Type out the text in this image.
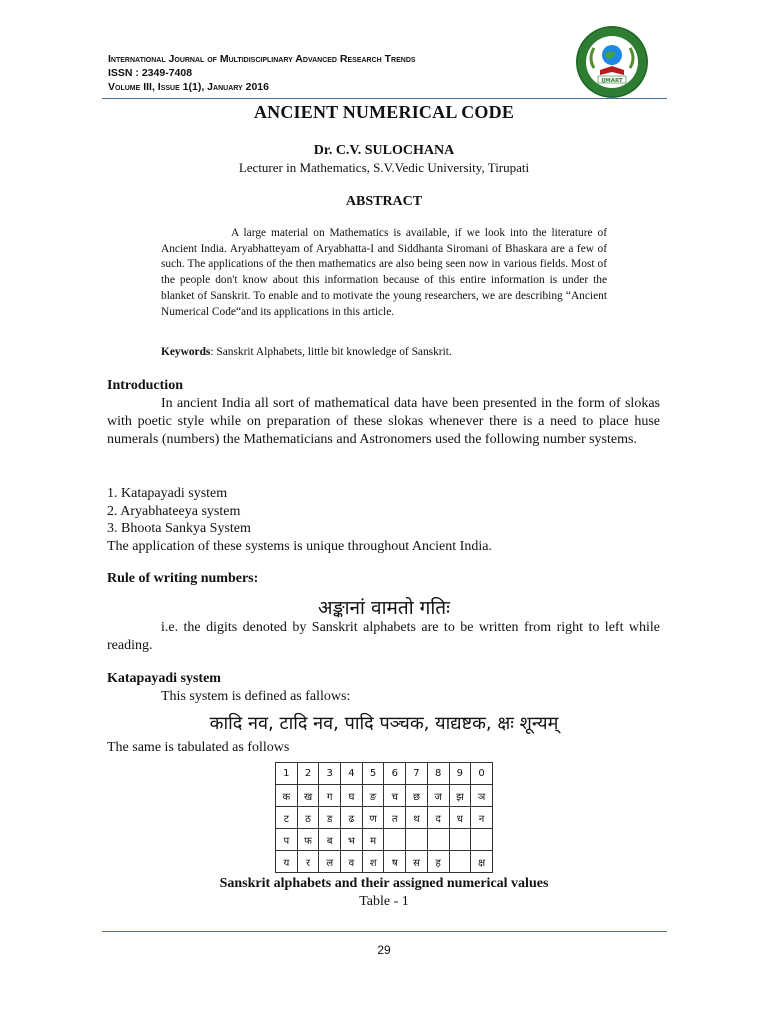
International Journal of Multidisciplinary Advanced Research Trends
ISSN : 2349-7408
Volume III, Issue 1(1), January 2016
IJMART
ANCIENT NUMERICAL CODE
Dr. C.V. SULOCHANA
Lecturer in Mathematics, S.V.Vedic University, Tirupati
ABSTRACT
A large material on Mathematics is available, if we look into the literature of Ancient India. Aryabhatteyam of Aryabhatta-I and Siddhanta Siromani of Bhaskara are a few of such. The applications of the then mathematics are also being seen now in various fields. Most of the people don't know about this information because of this entire information is under the blanket of Sanskrit. To enable and to motivate the young researchers, we are describing “Ancient Numerical Code“and its applications in this article.
Keywords: Sanskrit Alphabets, little bit knowledge of Sanskrit.
Introduction
In ancient India all sort of mathematical data have been presented in the form of slokas with poetic style while on preparation of these slokas whenever there is a need to place huse numerals (numbers) the Mathematicians and Astronomers used the following number systems.
1. Katapayadi system
2. Aryabhateeya system
3. Bhoota Sankya System
The application of these systems is unique throughout Ancient India.
Rule of writing numbers:
अङ्कानां वामतो गतिः
i.e. the digits denoted by Sanskrit alphabets are to be written from right to left while reading.
Katapayadi system
This system is defined as fallows:
कादि नव, टादि नव, पादि पञ्चक, याद्यष्टक, क्षः शून्यम्
The same is tabulated as follows
1	2	3	4	5	6	7	8	9	0
क	ख	ग	घ	ङ	च	छ	ज	झ	ञ
ट	ठ	ड	ढ	ण	त	थ	द	ध	न
प	फ	ब	भ	म					
य	र	ल	व	श	ष	स	ह		क्ष
Sanskrit alphabets and their assigned numerical values
Table - 1
29
